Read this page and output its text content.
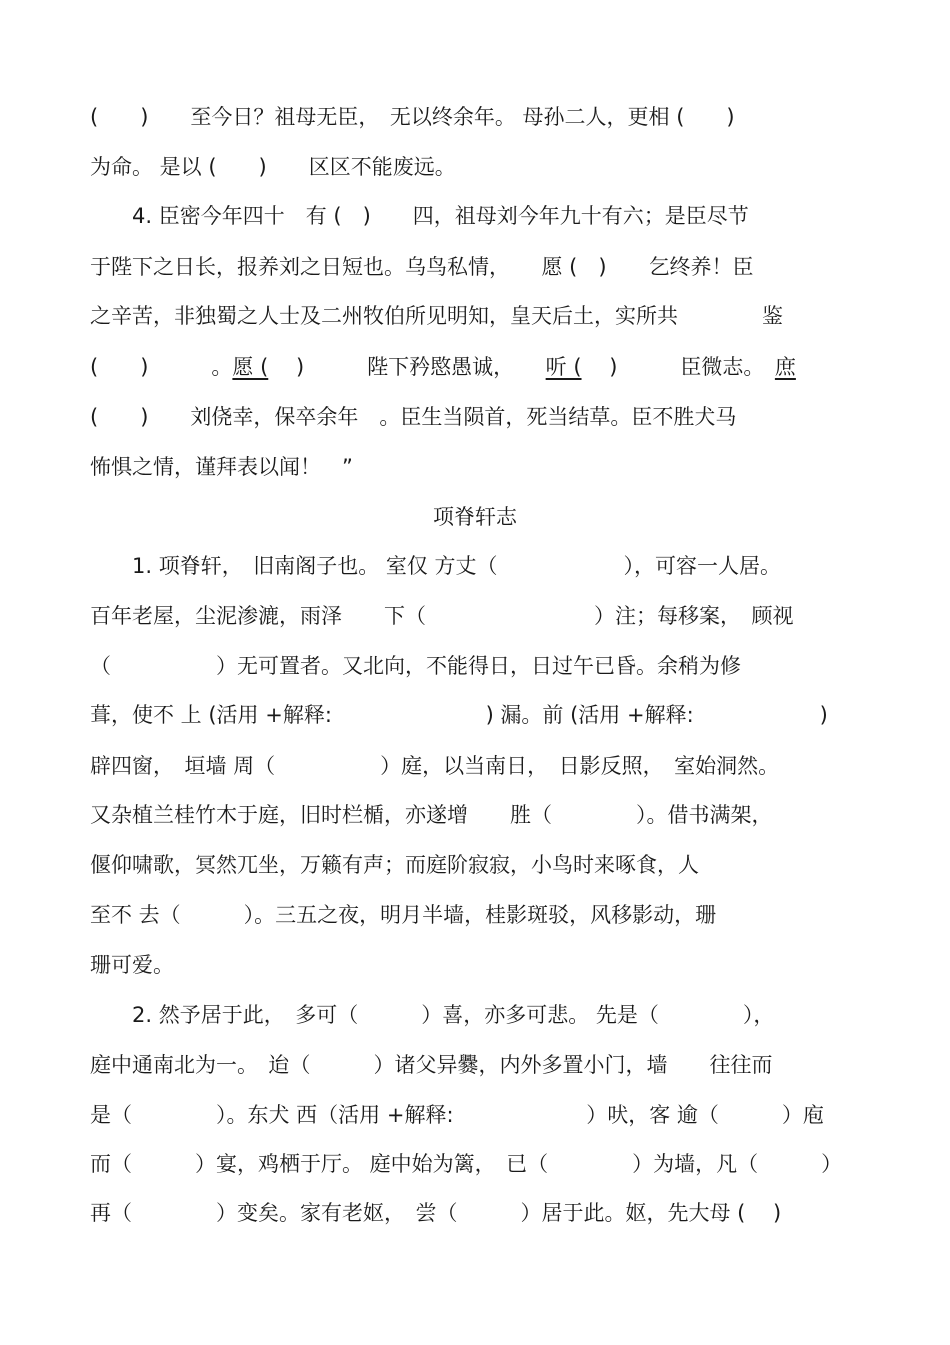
(　　)　　至今日？祖母无臣，　无以终余年。 母孙二人，更相 (　　)
为命。 是以 (　　)　　区区不能废远。
　　4. 臣密今年四十　有 (　)　　四，祖母刘今年九十有六；是臣尽节
于陛下之日长，报养刘之日短也。乌鸟私情，　　愿 (　)　　乞终养！臣
之辛苦，非独蜀之人士及二州牧伯所见明知，皇天后土，实所共　　　　鉴
(　　)　　　。愿 (　 )　　　陛下矜愍愚诚，　　听 (　 )　　　臣微志。　庶
(　　)　　刘侥幸，保卒余年　。臣生当陨首，死当结草。臣不胜犬马
怖惧之情，谨拜表以闻！　”
项脊轩志
　　1. 项脊轩，　旧南阁子也。 室仅 方丈（　　　　　　），可容一人居。
百年老屋，尘泥渗漉，雨泽　　下（　　　　　　　　）注；每移案，　顾视
（　　　　　）无可置者。又北向，不能得日，日过午已昏。余稍为修
葺，使不 上 (活用 +解释:　　　　　　　 ) 漏。前 (活用 +解释:　　　　　　)
辟四窗，　垣墙 周（　　　　　）庭，以当南日，　日影反照，　室始洞然。
又杂植兰桂竹木于庭，旧时栏楯，亦遂增　　胜（　　　　）。借书满架，
偃仰啸歌，冥然兀坐，万籁有声；而庭阶寂寂，小鸟时来啄食，人
至不 去（　　　）。三五之夜，明月半墙，桂影斑驳，风移影动，珊
珊可爱。
　　2. 然予居于此，　多可（　　　）喜，亦多可悲。 先是（　　　　），
庭中通南北为一。　迨（　　　）诸父异爨，内外多置小门，墙　　往往而
是（　　　　）。东犬 西（活用 +解释:　　　　　　 ）吠，客 逾（　　　）庖
而（　　　）宴，鸡栖于厅。 庭中始为篱，　已（　　　　）为墙，凡（　　　）
再（　　　　）变矣。家有老妪，　尝（　　　）居于此。妪，先大母 (　 )
